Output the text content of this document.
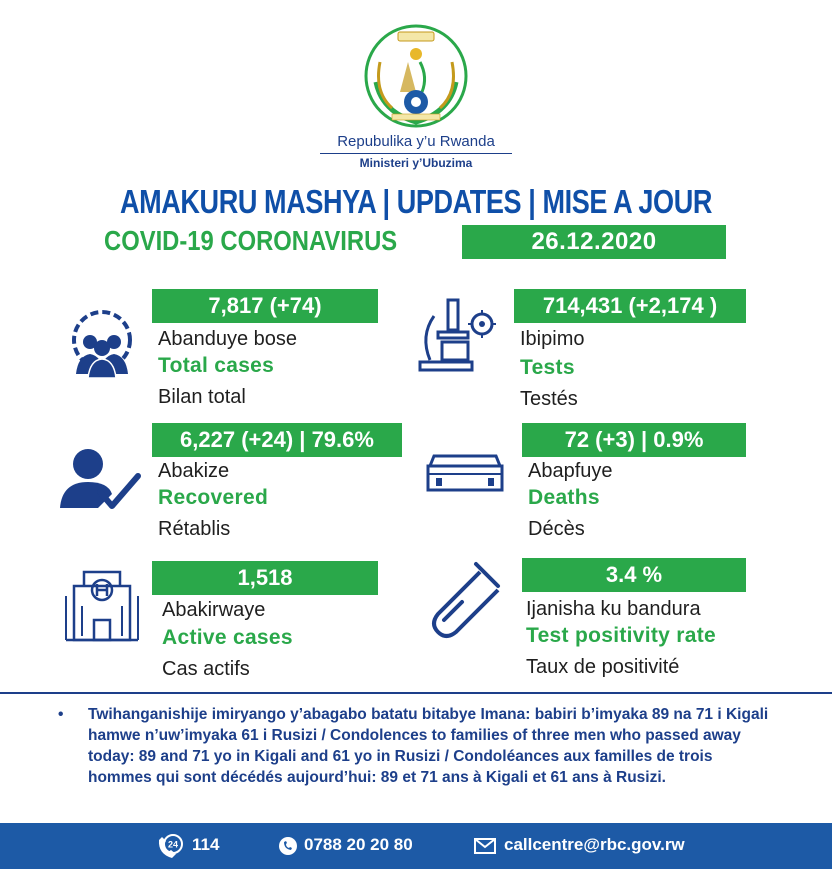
Repubulika y’u Rwanda
Ministeri y’Ubuzima
AMAKURU MASHYA | UPDATES | MISE A JOUR
COVID-19 CORONAVIRUS	26.12.2020
7,817 (+74)
Abanduye bose
Total cases
Bilan total
714,431 (+2,174 )
Ibipimo
Tests
Testés
6,227 (+24) | 79.6%
Abakize
Recovered
Rétablis
72 (+3) | 0.9%
Abapfuye
Deaths
Décès
1,518
Abakirwaye
Active cases
Cas actifs
3.4 %
Ijanisha ku bandura
Test positivity rate
Taux de positivité
• Twihanganishije imiryango y’abagabo batatu bitabye Imana: babiri b’imyaka 89 na 71 i Kigali hamwe n’uw’imyaka 61 i Rusizi / Condolences to families of three men who passed away today: 89 and 71 yo in Kigali and 61 yo in Rusizi / Condoléances aux familles de trois hommes qui sont décédés aujourd’hui: 89 et 71 ans à Kigali et 61 ans à Rusizi.
24 114	0788 20 20 80	callcentre@rbc.gov.rw
